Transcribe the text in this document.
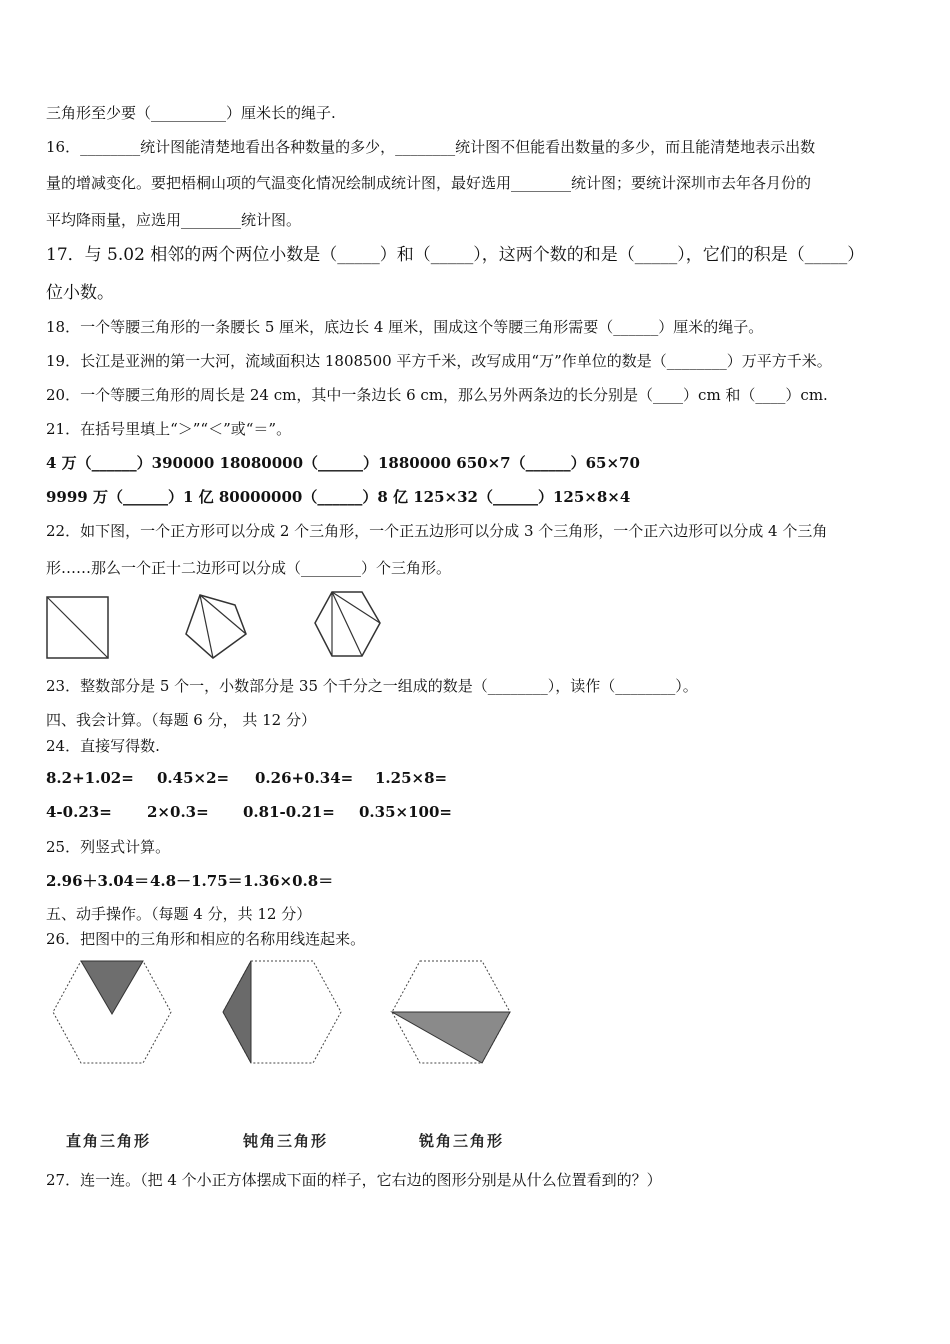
三角形至少要（__________）厘米长的绳子.
16．________统计图能清楚地看出各种数量的多少，________统计图不但能看出数量的多少，而且能清楚地表示出数
量的增减变化。要把梧桐山项的气温变化情况绘制成统计图，最好选用________统计图；要统计深圳市去年各月份的
平均降雨量，应选用________统计图。
17．与 5.02 相邻的两个两位小数是（_____）和（_____），这两个数的和是（_____），它们的积是（_____）
位小数。
18．一个等腰三角形的一条腰长 5 厘米，底边长 4 厘米，围成这个等腰三角形需要（______）厘米的绳子。
19．长江是亚洲的第一大河，流域面积达 1808500 平方千米，改写成用“万”作单位的数是（________）万平方千米。
20．一个等腰三角形的周长是 24 cm，其中一条边长 6 cm，那么另外两条边的长分别是（____）cm 和（____）cm.
21．在括号里填上“＞”“＜”或“＝”。
4 万（______）390000 18080000（______）1880000 650×7（______）65×70
9999 万（______）1 亿 80000000（______）8 亿 125×32（______）125×8×4
22．如下图，一个正方形可以分成 2 个三角形，一个正五边形可以分成 3 个三角形，一个正六边形可以分成 4 个三角
形……那么一个正十二边形可以分成（________）个三角形。
23．整数部分是 5 个一，小数部分是 35 个千分之一组成的数是（________），读作（________）。
四、我会计算。（每题 6 分， 共 12 分）
24．直接写得数.
8.2+1.02= 0.45×2= 0.26+0.34= 1.25×8=
4-0.23= 2×0.3= 0.81-0.21= 0.35×100=
25．列竖式计算。
2.96＋3.04＝4.8－1.75＝1.36×0.8＝
五、动手操作。（每题 4 分，共 12 分）
26．把图中的三角形和相应的名称用线连起来。
直角三角形	钝角三角形	锐角三角形
27．连一连。（把 4 个小正方体摆成下面的样子，它右边的图形分别是从什么位置看到的？）
